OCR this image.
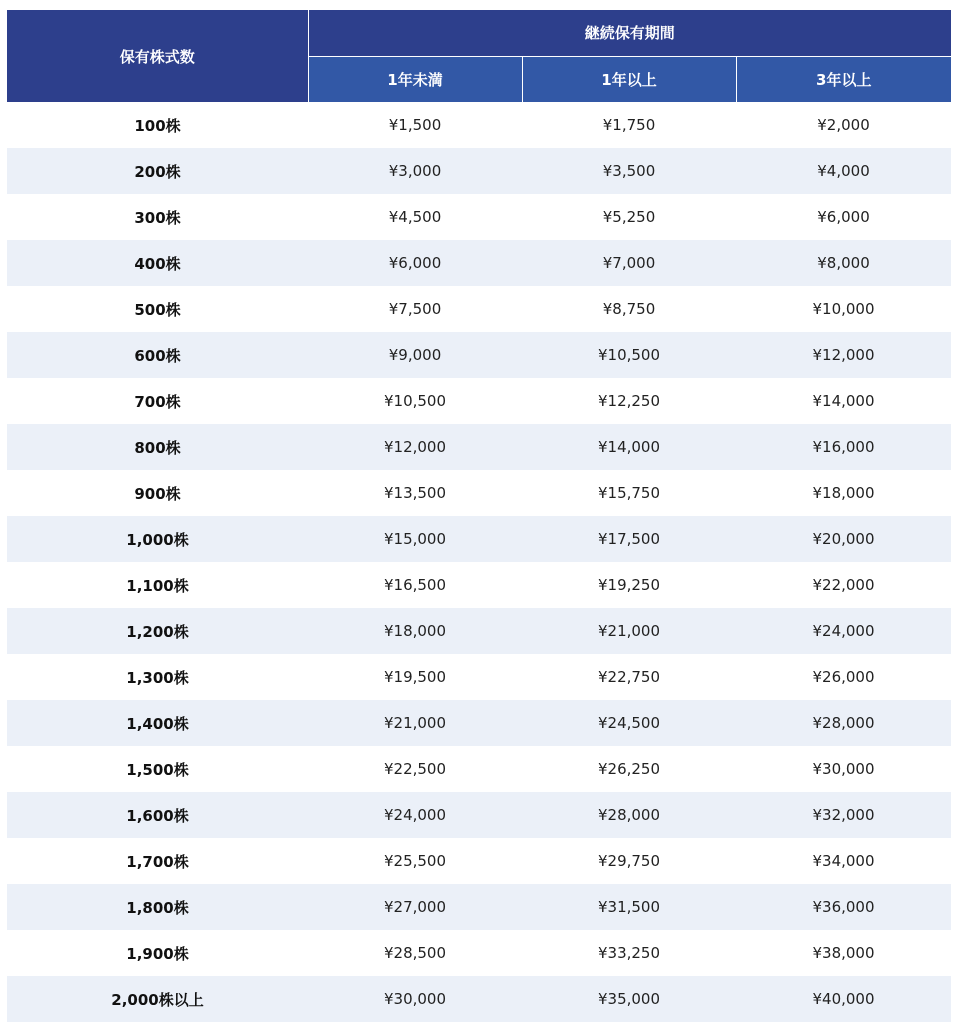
保有株式数	継続保有期間		
	1年未満	1年以上	3年以上
100株	¥1,500	¥1,750	¥2,000
200株	¥3,000	¥3,500	¥4,000
300株	¥4,500	¥5,250	¥6,000
400株	¥6,000	¥7,000	¥8,000
500株	¥7,500	¥8,750	¥10,000
600株	¥9,000	¥10,500	¥12,000
700株	¥10,500	¥12,250	¥14,000
800株	¥12,000	¥14,000	¥16,000
900株	¥13,500	¥15,750	¥18,000
1,000株	¥15,000	¥17,500	¥20,000
1,100株	¥16,500	¥19,250	¥22,000
1,200株	¥18,000	¥21,000	¥24,000
1,300株	¥19,500	¥22,750	¥26,000
1,400株	¥21,000	¥24,500	¥28,000
1,500株	¥22,500	¥26,250	¥30,000
1,600株	¥24,000	¥28,000	¥32,000
1,700株	¥25,500	¥29,750	¥34,000
1,800株	¥27,000	¥31,500	¥36,000
1,900株	¥28,500	¥33,250	¥38,000
2,000株以上	¥30,000	¥35,000	¥40,000
